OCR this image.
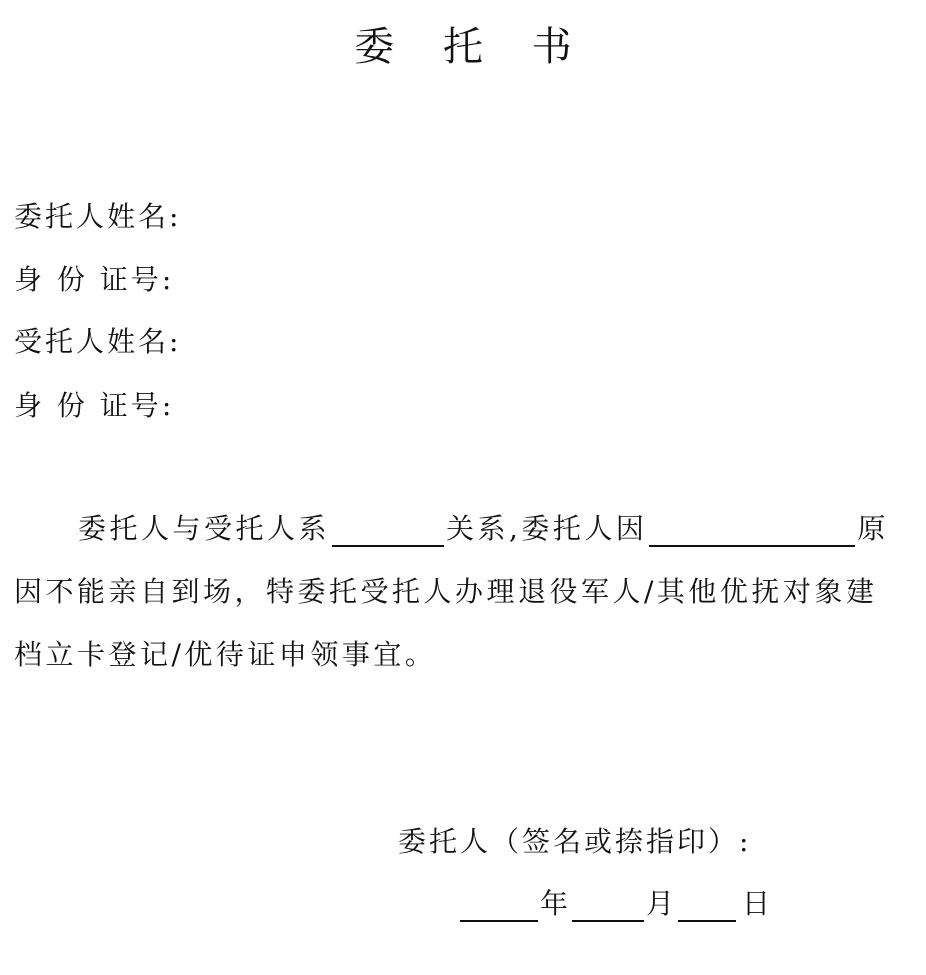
委 托 书
委托人姓名:
身 份 证号:
受托人姓名:
身 份 证号:
委托人与受托人系	关系,委托人因	原
因不能亲自到场，特委托受托人办理退役军人/其他优抚对象建
档立卡登记/优待证申领事宜。
委托人（签名或捺指印）:
年	月 日
